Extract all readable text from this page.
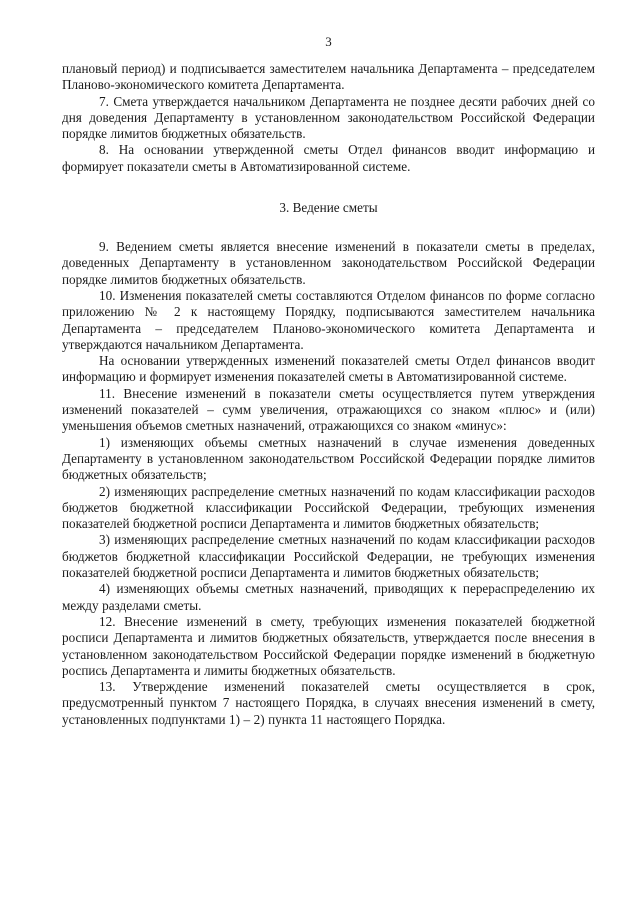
3

плановый период) и подписывается заместителем начальника Департамента – председателем Планово-экономического комитета Департамента.

7. Смета утверждается начальником Департамента не позднее десяти рабочих дней со дня доведения Департаменту в установленном законодательством Российской Федерации порядке лимитов бюджетных обязательств.

8. На основании утвержденной сметы Отдел финансов вводит информацию и формирует показатели сметы в Автоматизированной системе.

3. Ведение сметы

9. Ведением сметы является внесение изменений в показатели сметы в пределах, доведенных Департаменту в установленном законодательством Российской Федерации порядке лимитов бюджетных обязательств.

10. Изменения показателей сметы составляются Отделом финансов по форме согласно приложению № 2 к настоящему Порядку, подписываются заместителем начальника Департамента – председателем Планово-экономического комитета Департамента и утверждаются начальником Департамента.

На основании утвержденных изменений показателей сметы Отдел финансов вводит информацию и формирует изменения показателей сметы в Автоматизированной системе.

11. Внесение изменений в показатели сметы осуществляется путем утверждения изменений показателей – сумм увеличения, отражающихся со знаком «плюс» и (или) уменьшения объемов сметных назначений, отражающихся со знаком «минус»:

1) изменяющих объемы сметных назначений в случае изменения доведенных Департаменту в установленном законодательством Российской Федерации порядке лимитов бюджетных обязательств;

2) изменяющих распределение сметных назначений по кодам классификации расходов бюджетов бюджетной классификации Российской Федерации, требующих изменения показателей бюджетной росписи Департамента и лимитов бюджетных обязательств;

3) изменяющих распределение сметных назначений по кодам классификации расходов бюджетов бюджетной классификации Российской Федерации, не требующих изменения показателей бюджетной росписи Департамента и лимитов бюджетных обязательств;

4) изменяющих объемы сметных назначений, приводящих к перераспределению их между разделами сметы.

12. Внесение изменений в смету, требующих изменения показателей бюджетной росписи Департамента и лимитов бюджетных обязательств, утверждается после внесения в установленном законодательством Российской Федерации порядке изменений в бюджетную роспись Департамента и лимиты бюджетных обязательств.

13. Утверждение изменений показателей сметы осуществляется в срок, предусмотренный пунктом 7 настоящего Порядка, в случаях внесения изменений в смету, установленных подпунктами 1) – 2) пункта 11 настоящего Порядка.
